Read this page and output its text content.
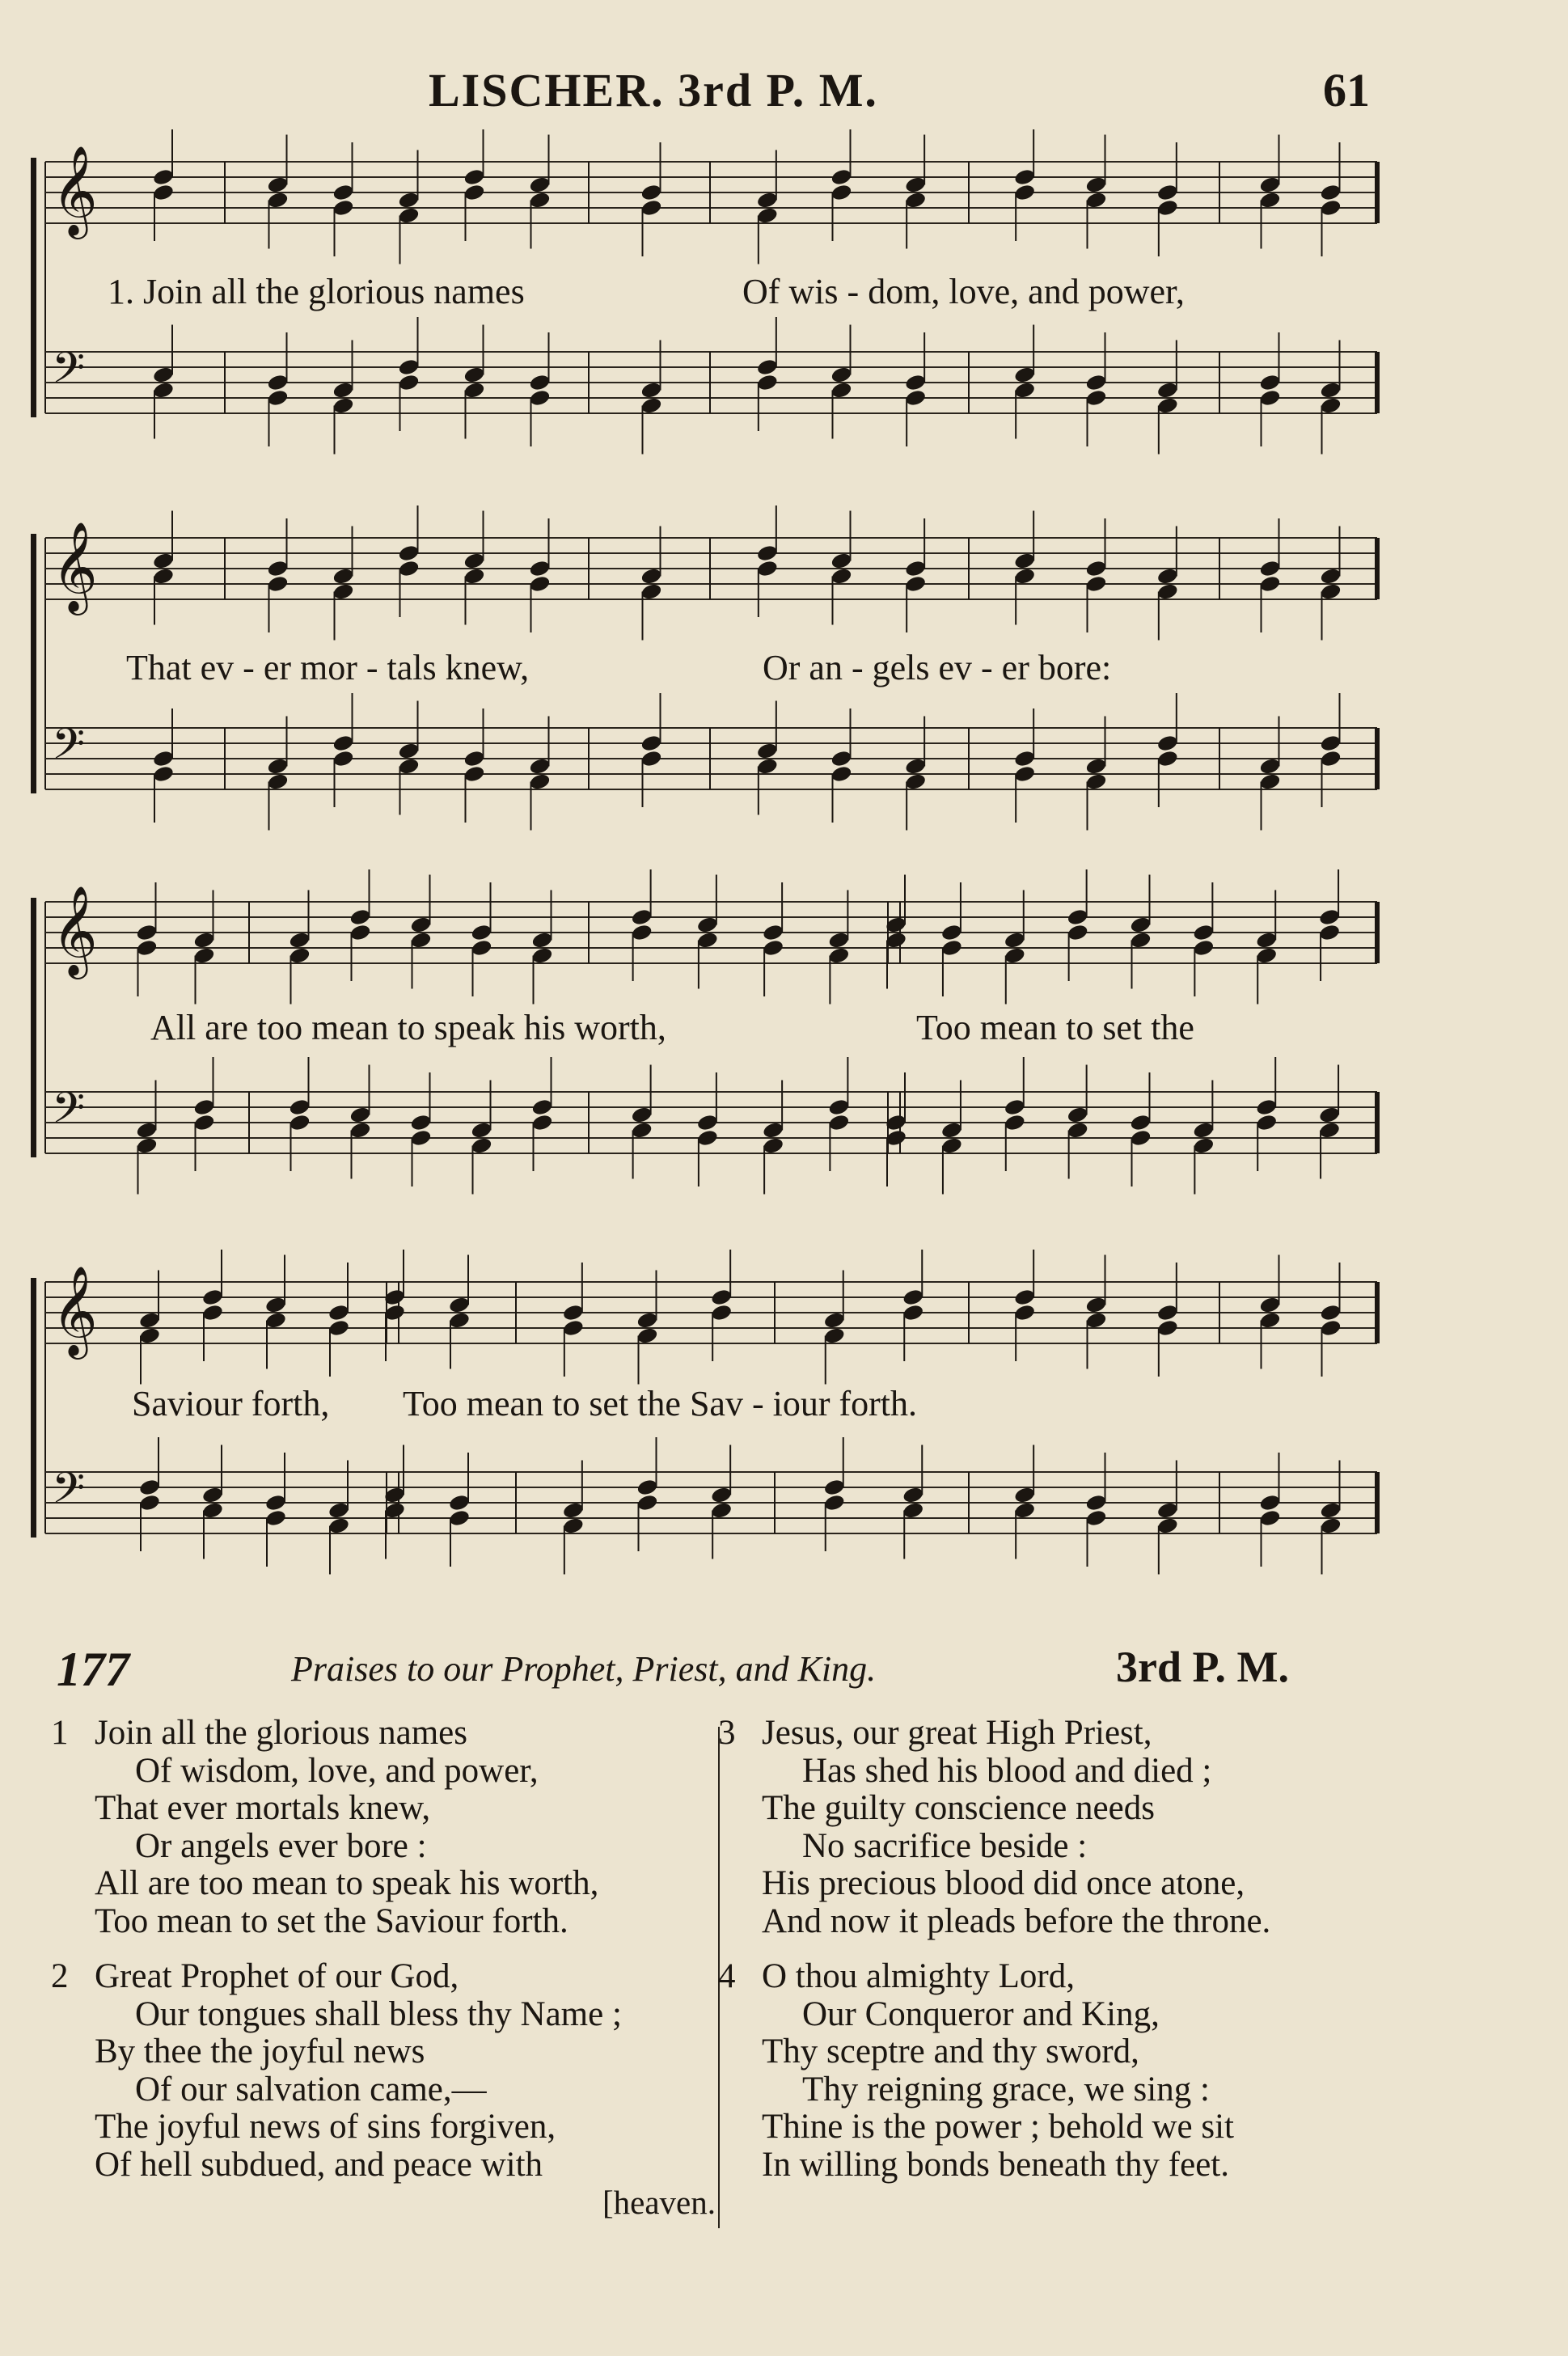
LISCHER. 3rd P. M.	61
𝄞
𝄢
1. Join all the glorious names	Of wis - dom, love, and power,
𝄞
𝄢
That ev - er mor - tals knew,	Or an - gels ev - er bore:
𝄞
𝄢
All are too mean to speak his worth,	Too mean to set the
𝄞
𝄢
Saviour forth, Too mean to set the Sav - iour forth.
177	Praises to our Prophet, Priest, and King.	3rd P. M.
1 Join all the glorious names
Of wisdom, love, and power,
That ever mortals knew,
Or angels ever bore :
All are too mean to speak his worth,
Too mean to set the Saviour forth.
2 Great Prophet of our God,
Our tongues shall bless thy Name ;
By thee the joyful news
Of our salvation came,—
The joyful news of sins forgiven,
Of hell subdued, and peace with
[heaven.
3 Jesus, our great High Priest,
Has shed his blood and died ;
The guilty conscience needs
No sacrifice beside :
His precious blood did once atone,
And now it pleads before the throne.
4 O thou almighty Lord,
Our Conqueror and King,
Thy sceptre and thy sword,
Thy reigning grace, we sing :
Thine is the power ; behold we sit
In willing bonds beneath thy feet.
